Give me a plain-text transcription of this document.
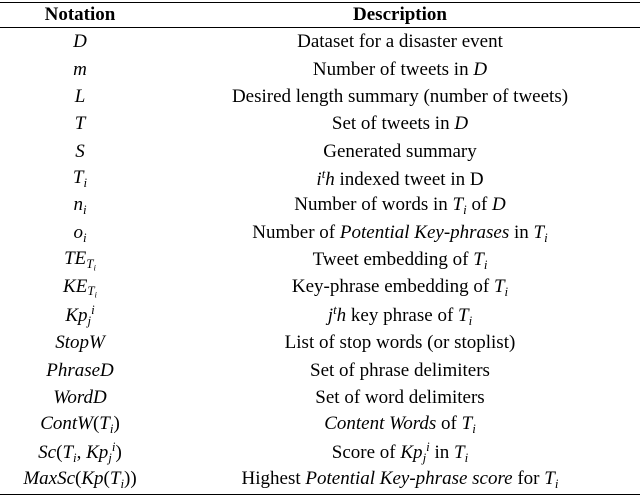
Notation	Description
D	Dataset for a disaster event
m	Number of tweets in D
L	Desired length summary (number of tweets)
T	Set of tweets in D
S	Generated summary
$T_i$	$i^th$ indexed tweet in D
$n_i$	Number of words in $T_i$ of D
$o_i$	Number of Potential Key-phrases in $T_i$
$TE_{T_i}$	Tweet embedding of $T_i$
$KE_{T_i}$	Key-phrase embedding of $T_i$
$Kp_j^i$	$j^th$ key phrase of $T_i$
StopW	List of stop words (or stoplist)
PhraseD	Set of phrase delimiters
WordD	Set of word delimiters
$ContW(T_i)$	Content Words of $T_i$
$Sc(T_i$, $Kp_j^i$)	Score of $Kp_j^i$ in $T_i$
$MaxSc(Kp(T_i))$	Highest Potential Key-phrase score for $T_i$
